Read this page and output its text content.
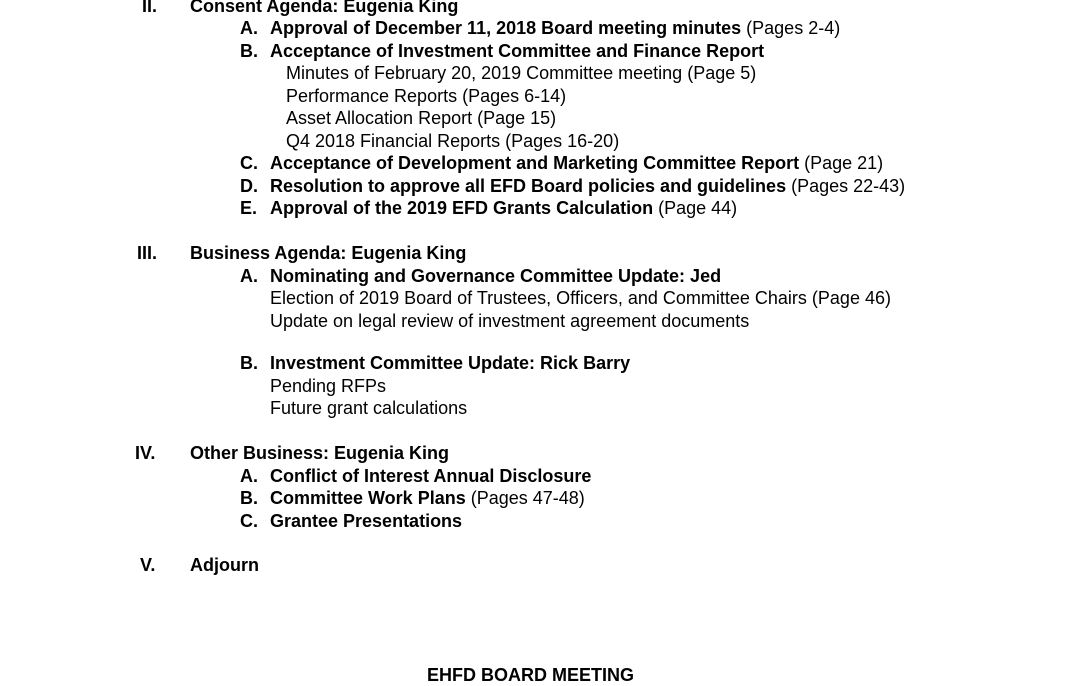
II. Consent Agenda: Eugenia King
A. Approval of December 11, 2018 Board meeting minutes (Pages 2-4)
B. Acceptance of Investment Committee and Finance Report
Minutes of February 20, 2019 Committee meeting (Page 5)
Performance Reports (Pages 6-14)
Asset Allocation Report (Page 15)
Q4 2018 Financial Reports (Pages 16-20)
C. Acceptance of Development and Marketing Committee Report (Page 21)
D. Resolution to approve all EFD Board policies and guidelines (Pages 22-43)
E. Approval of the 2019 EFD Grants Calculation (Page 44)
III. Business Agenda: Eugenia King
A. Nominating and Governance Committee Update: Jed
Election of 2019 Board of Trustees, Officers, and Committee Chairs (Page 46)
Update on legal review of investment agreement documents
B. Investment Committee Update: Rick Barry
Pending RFPs
Future grant calculations
IV. Other Business: Eugenia King
A. Conflict of Interest Annual Disclosure
B. Committee Work Plans (Pages 47-48)
C. Grantee Presentations
V. Adjourn
EHFD BOARD MEETING
